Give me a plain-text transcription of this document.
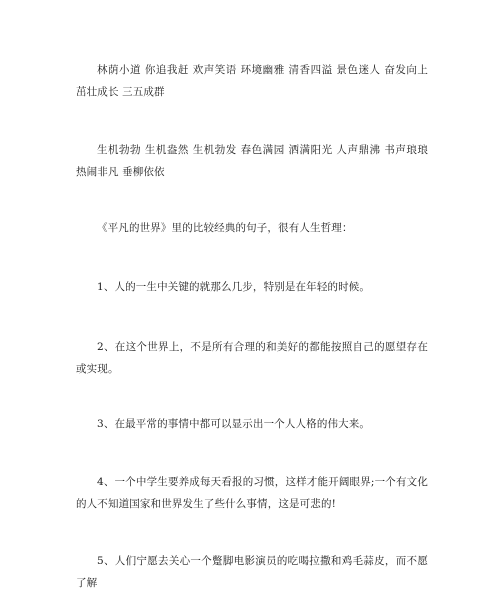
林荫小道 你追我赶 欢声笑语 环境幽雅 清香四溢 景色迷人 奋发向上 茁壮成长 三五成群

生机勃勃 生机盎然 生机勃发 春色满园 洒满阳光 人声鼎沸 书声琅琅 热闹非凡 垂柳依依

《平凡的世界》里的比较经典的句子，很有人生哲理：

1、人的一生中关键的就那么几步，特别是在年轻的时候。

2、在这个世界上，不是所有合理的和美好的都能按照自己的愿望存在或实现。

3、在最平常的事情中都可以显示出一个人人格的伟大来。

4、一个中学生要养成每天看报的习惯，这样才能开阔眼界;一个有文化的人不知道国家和世界发生了些什么事情，这是可悲的!

5、人们宁愿去关心一个蹩脚电影演员的吃喝拉撒和鸡毛蒜皮，而不愿了解
